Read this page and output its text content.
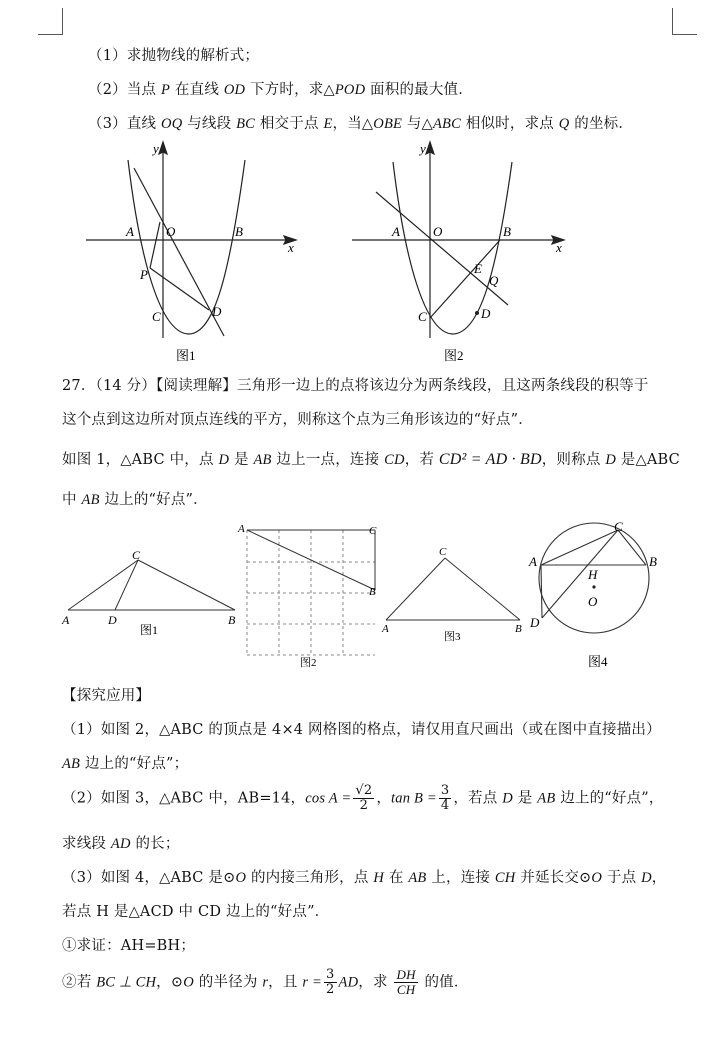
（1）求抛物线的解析式；
（2）当点 P 在直线 OD 下方时，求△POD 面积的最大值．
（3）直线 OQ 与线段 BC 相交于点 E，当△OBE 与△ABC 相似时，求点 Q 的坐标．
y
x
A O	B
P
C	D
图1
y
x
A	O	B
E
Q
C	D
图2
27．（14 分）【阅读理解】三角形一边上的点将该边分为两条线段，且这两条线段的积等于
这个点到这边所对顶点连线的平方，则称这个点为三角形该边的“好点”．
如图 1，△ABC 中，点 D 是 AB 边上一点，连接 CD，若 CD² = AD · BD，则称点 D 是△ABC
中 AB 边上的“好点”．
C
A	D	B
图1
A	C
B
图2
C
A	B
图3
C
A	B
H
O
D
图4
【探究应用】
（1）如图 2，△ABC 的顶点是 4×4 网格图的格点，请仅用直尺画出（或在图中直接描出）
AB 边上的“好点”；
（2）如图 3，△ABC 中，AB=14，$\cos A = \frac{√2}{2}$ ，$\tan B = \frac{3}{4}$ ，若点 D 是 AB 边上的“好点”，
求线段 AD 的长；
（3）如图 4，△ABC 是⊙O 的内接三角形，点 H 在 AB 上，连接 CH 并延长交⊙O 于点 D，
若点 H 是△ACD 中 CD 边上的“好点”．
①求证：AH=BH；
②若 BC ⊥ CH，⊙O 的半径为 r，且 $r = \frac{3}{2}$ AD，求 $\frac{DH}{CH}$ 的值．
